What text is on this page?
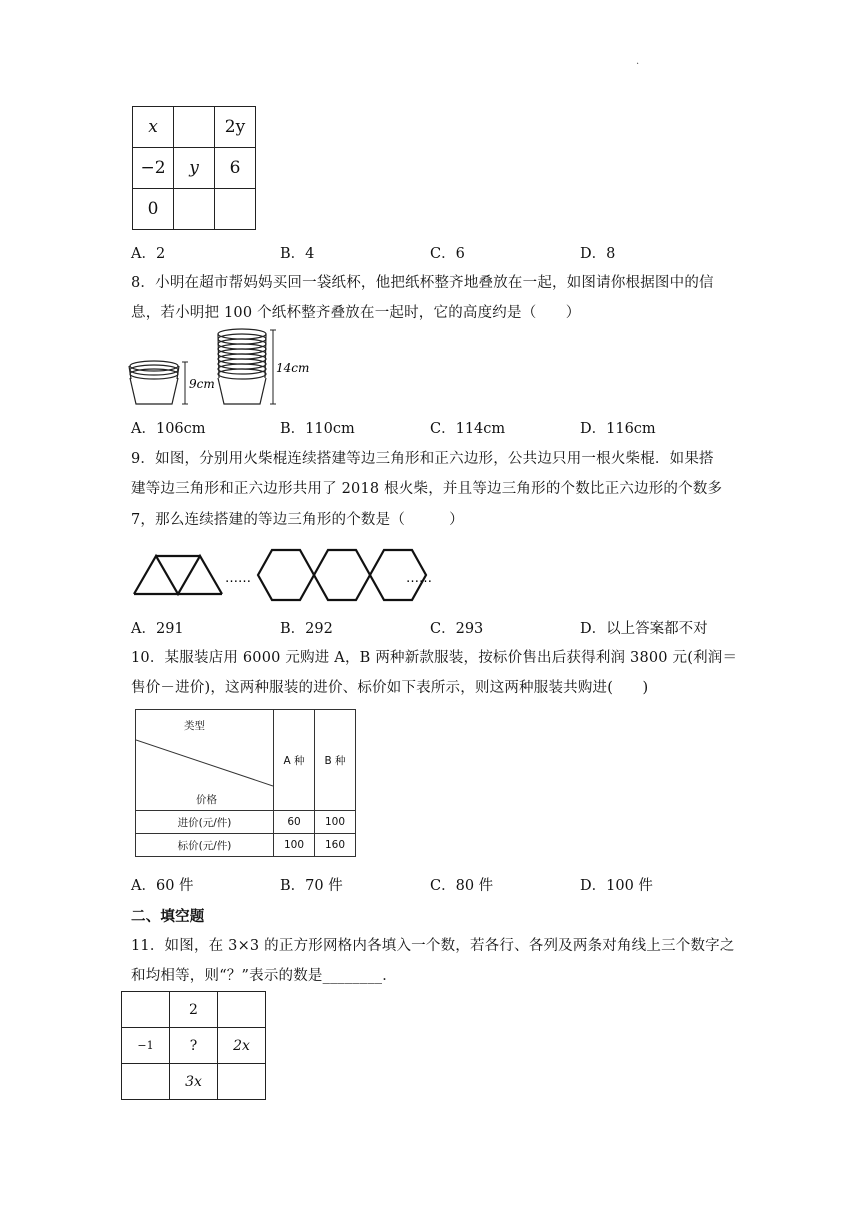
.
x		2y
−2	y	6
0		
A．2	B．4	C．6	D．8
8．小明在超市帮妈妈买回一袋纸杯，他把纸杯整齐地叠放在一起，如图请你根据图中的信
息，若小明把 100 个纸杯整齐叠放在一起时，它的高度约是（　　）
9cm
14cm
A．106cm	B．110cm	C．114cm	D．116cm
9．如图，分别用火柴棍连续搭建等边三角形和正六边形，公共边只用一根火柴棍．如果搭
建等边三角形和正六边形共用了 2018 根火柴，并且等边三角形的个数比正六边形的个数多
7，那么连续搭建的等边三角形的个数是（　　　）
……	……
A．291	B．292	C．293	D．以上答案都不对
10．某服装店用 6000 元购进 A，B 两种新款服装，按标价售出后获得利润 3800 元(利润＝
售价－进价)，这两种服装的进价、标价如下表所示，则这两种服装共购进(　　)
类型
价格	A 种	B 种
进价(元/件)	60	100
标价(元/件)	100	160
A．60 件	B．70 件	C．80 件	D．100 件
二、填空题
11．如图，在 3×3 的正方形网格内各填入一个数，若各行、各列及两条对角线上三个数字之
和均相等，则“？”表示的数是________．
	2	
−1	?	2x
	3x	
